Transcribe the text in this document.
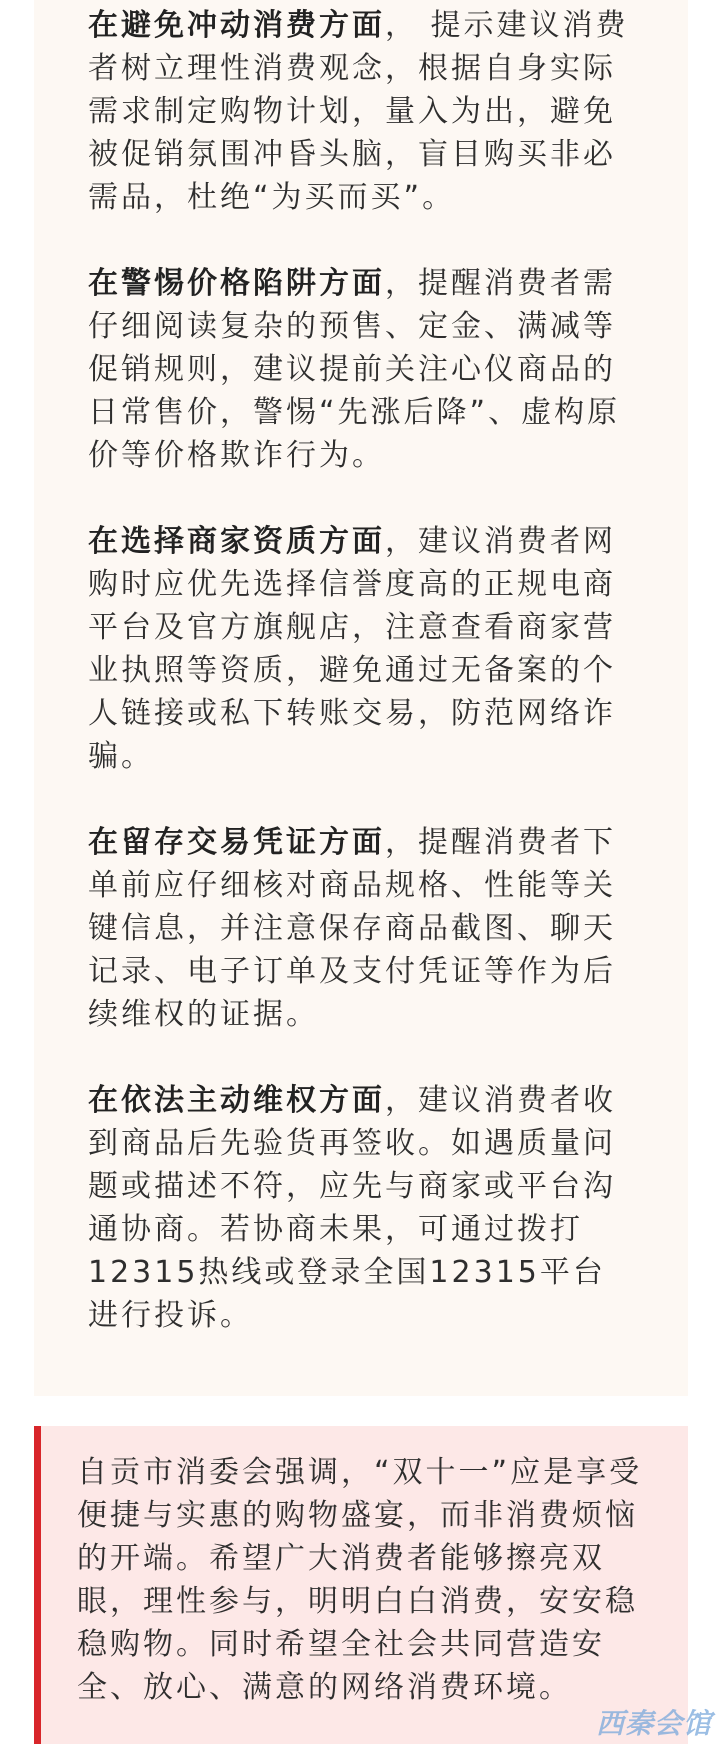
在避免冲动消费方面， 提示建议消费者树立理性消费观念，根据自身实际需求制定购物计划，量入为出，避免被促销氛围冲昏头脑，盲目购买非必需品，杜绝“为买而买”。

在警惕价格陷阱方面，提醒消费者需仔细阅读复杂的预售、定金、满减等促销规则，建议提前关注心仪商品的日常售价，警惕“先涨后降”、虚构原价等价格欺诈行为。

在选择商家资质方面，建议消费者网购时应优先选择信誉度高的正规电商平台及官方旗舰店，注意查看商家营业执照等资质，避免通过无备案的个人链接或私下转账交易，防范网络诈骗。

在留存交易凭证方面，提醒消费者下单前应仔细核对商品规格、性能等关键信息，并注意保存商品截图、聊天记录、电子订单及支付凭证等作为后续维权的证据。

在依法主动维权方面，建议消费者收到商品后先验货再签收。如遇质量问题或描述不符，应先与商家或平台沟通协商。若协商未果，可通过拨打12315热线或登录全国12315平台进行投诉。

自贡市消委会强调，“双十一”应是享受便捷与实惠的购物盛宴，而非消费烦恼的开端。希望广大消费者能够擦亮双眼，理性参与，明明白白消费，安安稳稳购物。同时希望全社会共同营造安全、放心、满意的网络消费环境。
西秦会馆
